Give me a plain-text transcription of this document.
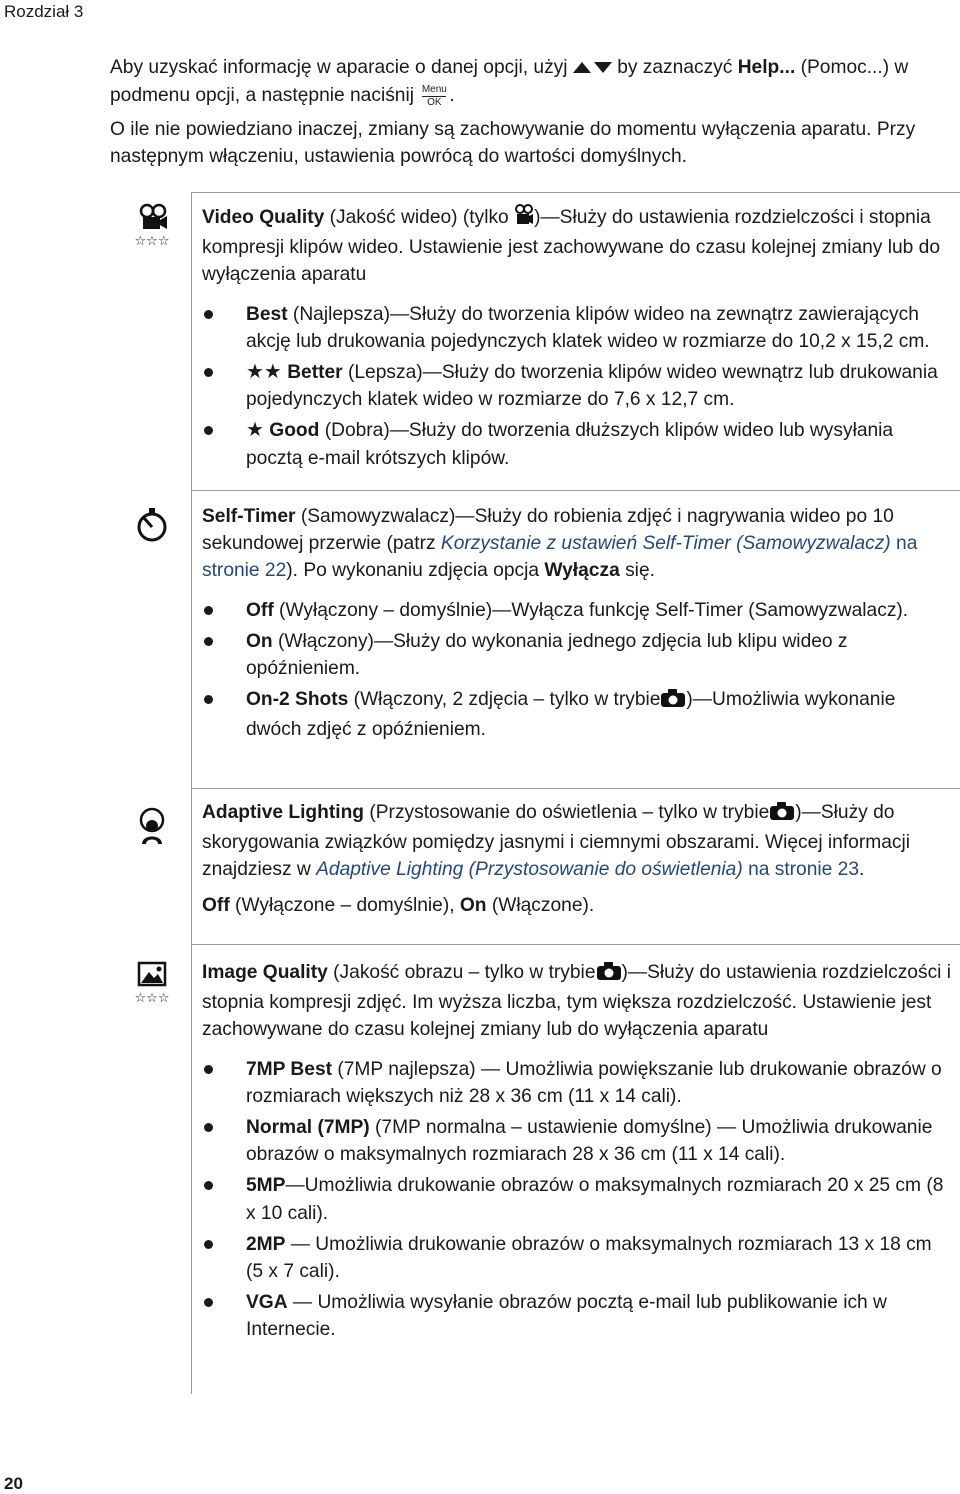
Rozdział 3
20

Aby uzyskać informację w aparacie o danej opcji, użyj  by zaznaczyć Help... (Pomoc...) w podmenu opcji, a następnie naciśnij Menu
OK .

O ile nie powiedziano inaczej, zmiany są zachowywanie do momentu wyłączenia aparatu. Przy następnym włączeniu, ustawienia powrócą do wartości domyślnych.

☆☆☆
☆☆☆

Video Quality (Jakość wideo) (tylko )—Służy do ustawienia rozdzielczości i stopnia kompresji klipów wideo. Ustawienie jest zachowywane do czasu kolejnej zmiany lub do wyłączenia aparatu

Best (Najlepsza)—Służy do tworzenia klipów wideo na zewnątrz zawierających akcję lub drukowania pojedynczych klatek wideo w rozmiarze do 10,2 x 15,2 cm.
★★ Better (Lepsza)—Służy do tworzenia klipów wideo wewnątrz lub drukowania pojedynczych klatek wideo w rozmiarze do 7,6 x 12,7 cm.
★ Good (Dobra)—Służy do tworzenia dłuższych klipów wideo lub wysyłania pocztą e-mail krótszych klipów.

Self-Timer (Samowyzwalacz)—Służy do robienia zdjęć i nagrywania wideo po 10 sekundowej przerwie (patrz Korzystanie z ustawień Self-Timer (Samowyzwalacz) na stronie 22). Po wykonaniu zdjęcia opcja Wyłącza się.

Off (Wyłączony – domyślnie)—Wyłącza funkcję Self-Timer (Samowyzwalacz).
On (Włączony)—Służy do wykonania jednego zdjęcia lub klipu wideo z opóźnieniem.
On-2 Shots (Włączony, 2 zdjęcia – tylko w trybie )—Umożliwia wykonanie dwóch zdjęć z opóźnieniem.

Adaptive Lighting (Przystosowanie do oświetlenia – tylko w trybie )—Służy do skorygowania związków pomiędzy jasnymi i ciemnymi obszarami. Więcej informacji znajdziesz w Adaptive Lighting (Przystosowanie do oświetlenia) na stronie 23.

Off (Wyłączone – domyślnie), On (Włączone).

Image Quality (Jakość obrazu – tylko w trybie )—Służy do ustawienia rozdzielczości i stopnia kompresji zdjęć. Im wyższa liczba, tym większa rozdzielczość. Ustawienie jest zachowywane do czasu kolejnej zmiany lub do wyłączenia aparatu

7MP Best (7MP najlepsza) — Umożliwia powiększanie lub drukowanie obrazów o rozmiarach większych niż 28 x 36 cm (11 x 14 cali).
Normal (7MP) (7MP normalna – ustawienie domyślne) — Umożliwia drukowanie obrazów o maksymalnych rozmiarach 28 x 36 cm (11 x 14 cali).
5MP—Umożliwia drukowanie obrazów o maksymalnych rozmiarach 20 x 25 cm (8 x 10 cali).
2MP — Umożliwia drukowanie obrazów o maksymalnych rozmiarach 13 x 18 cm (5 x 7 cali).
VGA — Umożliwia wysyłanie obrazów pocztą e-mail lub publikowanie ich w Internecie.
